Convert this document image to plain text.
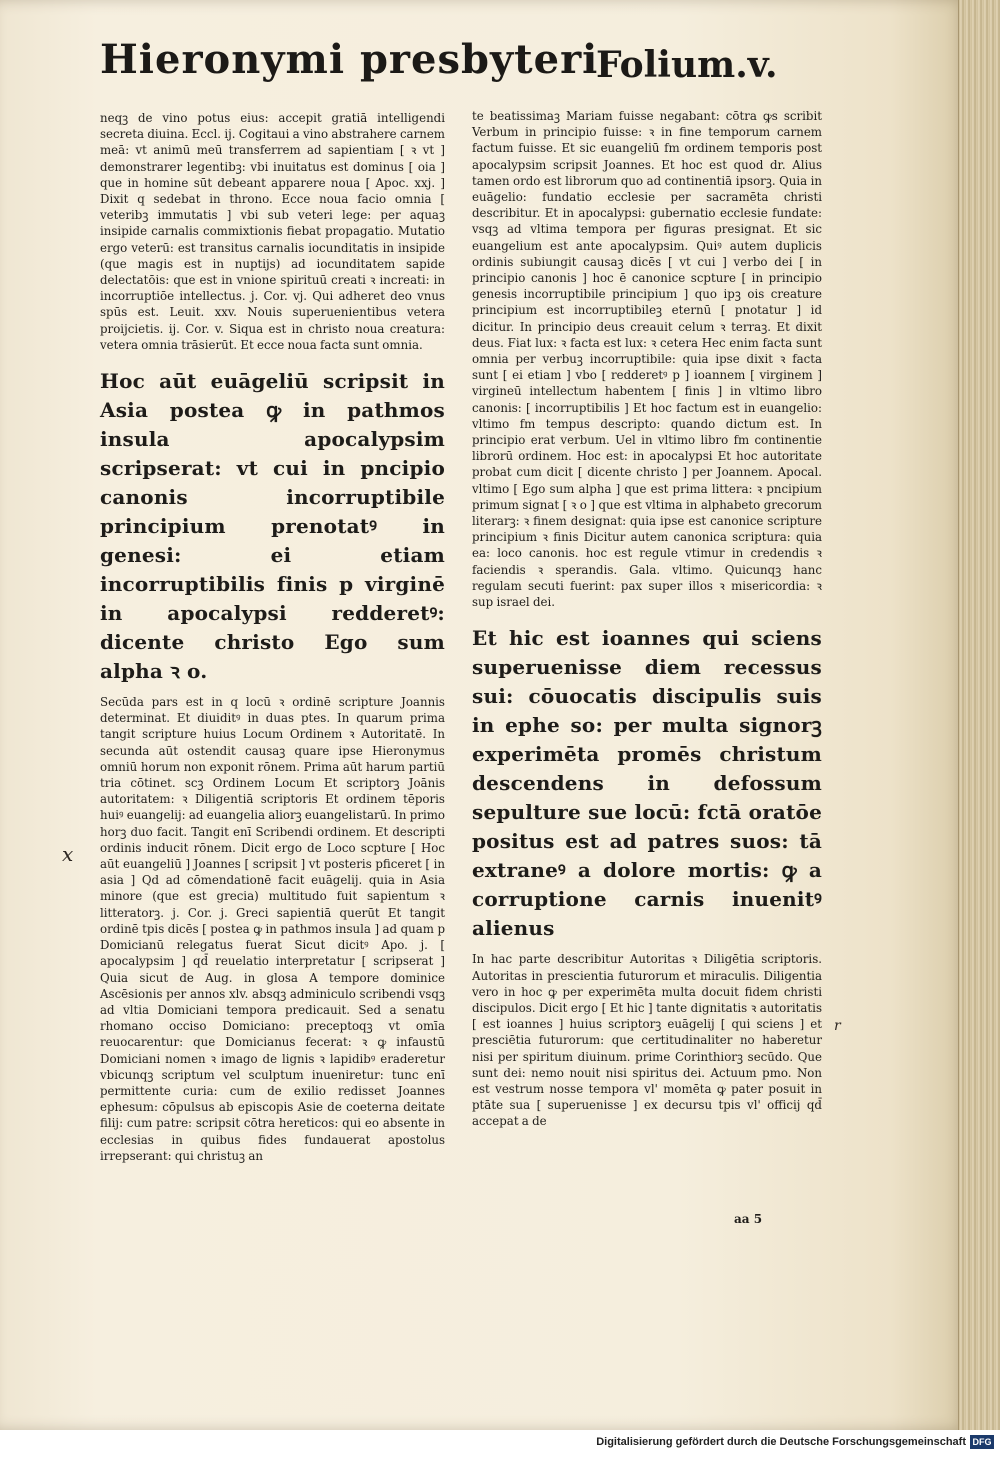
Hieronymi presbyteri
Folium.v.

neqꝫ de vino potus eius: accepit gratiā intelligendi secreta diuina. Eccl. ij. Cogitaui a vino abstrahere carnem meā: vt animū meū transferrem ad sapientiam [ ꝛ vt ] demonstrarer legentibꝫ: vbi inuitatus est dominus [ oia ] que in homine sūt debeant apparere noua [ Apoc. xxj. ] Dixit q sedebat in throno. Ecce noua facio omnia [ veteribꝫ immutatis ] vbi sub veteri lege: per aquaꝫ insipide carnalis commixtionis fiebat propagatio. Mutatio ergo veterū: est transitus carnalis iocunditatis in insipide (que magis est in nuptijs) ad iocunditatem sapide delectatōis: que est in vnione spirituū creati ꝛ increati: in incorruptiōe intellectus. j. Cor. vj. Qui adheret deo vnus spūs est. Leuit. xxv. Nouis superuenientibus vetera proijcietis. ij. Cor. v. Siqua est in christo noua creatura: vetera omnia trāsierūt. Et ecce noua facta sunt omnia.

Hoc aūt euāgeliū scripsit in Asia postea ꝙ in pathmos insula apocalypsim scripserat: vt cui in pncipio canonis incorruptibile principium prenotatꝰ in genesi: ei etiam incorruptibilis finis p virginē in apocalypsi redderetꝰ: dicente christo Ego sum alpha ꝛ o.

Secūda pars est in q locū ꝛ ordinē scripture Joannis determinat. Et diuiditꝰ in duas ptes. In quarum prima tangit scripture huius Locum Ordinem ꝛ Autoritatē. In secunda aūt ostendit causaꝫ quare ipse Hieronymus omniū horum non exponit rōnem. Prima aūt harum partiū tria cōtinet. scꝫ Ordinem Locum Et scriptorꝫ Joānis autoritatem: ꝛ Diligentiā scriptoris Et ordinem tēporis huiꝰ euangelij: ad euangelia aliorꝫ euangelistarū. In primo horꝫ duo facit. Tangit enī Scribendi ordinem. Et descripti ordinis inducit rōnem. Dicit ergo de Loco scpture [ Hoc aūt euangeliū ] Joannes [ scripsit ] vt posteris pficeret [ in asia ] Qd ad cōmendationē facit euāgelij. quia in Asia minore (que est grecia) multitudo fuit sapientum ꝛ litteratorꝫ. j. Cor. j. Greci sapientiā querūt Et tangit ordinē tpis dicēs [ postea ꝙ in pathmos insula ] ad quam p Domicianū relegatus fuerat Sicut dicitꝰ Apo. j. [ apocalypsim ] qd̄ reuelatio interpretatur [ scripserat ] Quia sicut de Aug. in glosa A tempore dominice Ascēsionis per annos xlv. absqꝫ adminiculo scribendi vsqꝫ ad vltia Domiciani tempora predicauit. Sed a senatu rhomano occiso Domiciano: preceptoqꝫ vt omīa reuocarentur: que Domicianus fecerat: ꝛ ꝙ infaustū Domiciani nomen ꝛ imago de lignis ꝛ lapidibꝰ eraderetur vbicunqꝫ scriptum vel sculptum inueniretur: tunc enī permittente curia: cum de exilio redisset Joannes ephesum: cōpulsus ab episcopis Asie de coeterna deitate filij: cum patre: scripsit cōtra hereticos: qui eo absente in ecclesias in quibus fides fundauerat apostolus irrepserant: qui christuꝫ an

te beatissimaꝫ Mariam fuisse negabant: cōtra ꝙs scribit Verbum in principio fuisse: ꝛ in fine temporum carnem factum fuisse. Et sic euangeliū fm ordinem temporis post apocalypsim scripsit Joannes. Et hoc est quod dr. Alius tamen ordo est librorum quo ad continentiā ipsorꝫ. Quia in euāgelio: fundatio ecclesie per sacramēta christi describitur. Et in apocalypsi: gubernatio ecclesie fundate: vsqꝫ ad vltima tempora per figuras presignat. Et sic euangelium est ante apocalypsim. Quiꝰ autem duplicis ordinis subiungit causaꝫ dicēs [ vt cui ] verbo dei [ in principio canonis ] hoc ē canonice scpture [ in principio genesis incorruptibile principium ] quo ipꝫ ois creature principium est incorruptibileꝫ eternū [ pnotatur ] id dicitur. In principio deus creauit celum ꝛ terraꝫ. Et dixit deus. Fiat lux: ꝛ facta est lux: ꝛ cetera Hec enim facta sunt omnia per verbuꝫ incorruptibile: quia ipse dixit ꝛ facta sunt [ ei etiam ] vbo [ redderetꝰ p ] ioannem [ virginem ] virgineū intellectum habentem [ finis ] in vltimo libro canonis: [ incorruptibilis ] Et hoc factum est in euangelio: vltimo fm tempus descripto: quando dictum est. In principio erat verbum. Uel in vltimo libro fm continentie librorū ordinem. Hoc est: in apocalypsi Et hoc autoritate probat cum dicit [ dicente christo ] per Joannem. Apocal. vltimo [ Ego sum alpha ] que est prima littera: ꝛ pncipium primum signat [ ꝛ o ] que est vltima in alphabeto grecorum literarꝫ: ꝛ finem designat: quia ipse est canonice scripture principium ꝛ finis Dicitur autem canonica scriptura: quia ea: loco canonis. hoc est regule vtimur in credendis ꝛ faciendis ꝛ sperandis. Gala. vltimo. Quicunqꝫ hanc regulam secuti fuerint: pax super illos ꝛ misericordia: ꝛ sup israel dei.

Et hic est ioannes qui sciens superuenisse diem recessus sui: cōuocatis discipulis suis in ephe so: per multa signorꝫ experimēta promēs christum descendens in defossum sepulture sue locū: fctā oratōe positus est ad patres suos: tā extraneꝰ a dolore mortis: ꝙ a corruptione carnis inuenitꝰ alienus

In hac parte describitur Autoritas ꝛ Diligētia scriptoris. Autoritas in prescientia futurorum et miraculis. Diligentia vero in hoc ꝙ per experimēta multa docuit fidem christi discipulos. Dicit ergo [ Et hic ] tante dignitatis ꝛ autoritatis [ est ioannes ] huius scriptorꝫ euāgelij [ qui sciens ] et presciētia futurorum: que certitudinaliter no haberetur nisi per spiritum diuinum. prime Corinthiorꝫ secūdo. Que sunt dei: nemo nouit nisi spiritus dei. Actuum pmo. Non est vestrum nosse tempora vl' momēta ꝙ pater posuit in ptāte sua [ superuenisse ] ex decursu tpis vl' officij qd̄ accepat a de

x
r
aa 5
Digitalisierung gefördert durch die Deutsche Forschungsgemeinschaft DFG
